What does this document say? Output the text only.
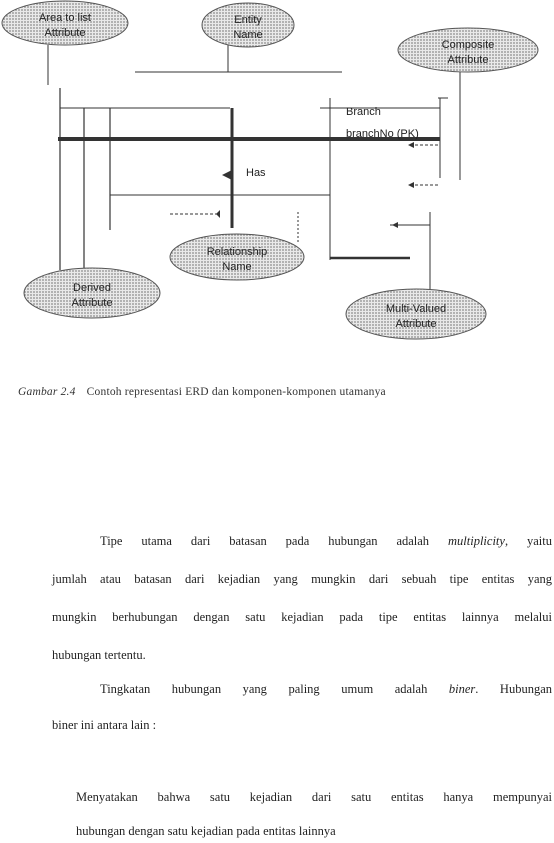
Area to list
Attribute
Entity
Name
Composite
Attribute
Relationship
Name
Derived
Attribute	Multi-Valued
Attribute
Branch
branchNo (PK)
Has
Gambar 2.4 Contoh representasi ERD dan komponen-komponen utamanya
Tipe utama dari batasan pada hubungan adalah multiplicity, yaitu
jumlah atau batasan dari kejadian yang mungkin dari sebuah tipe entitas yang
mungkin berhubungan dengan satu kejadian pada tipe entitas lainnya melalui
hubungan tertentu.
Tingkatan hubungan yang paling umum adalah biner. Hubungan
biner ini antara lain :
Menyatakan bahwa satu kejadian dari satu entitas hanya mempunyai
hubungan dengan satu kejadian pada entitas lainnya
